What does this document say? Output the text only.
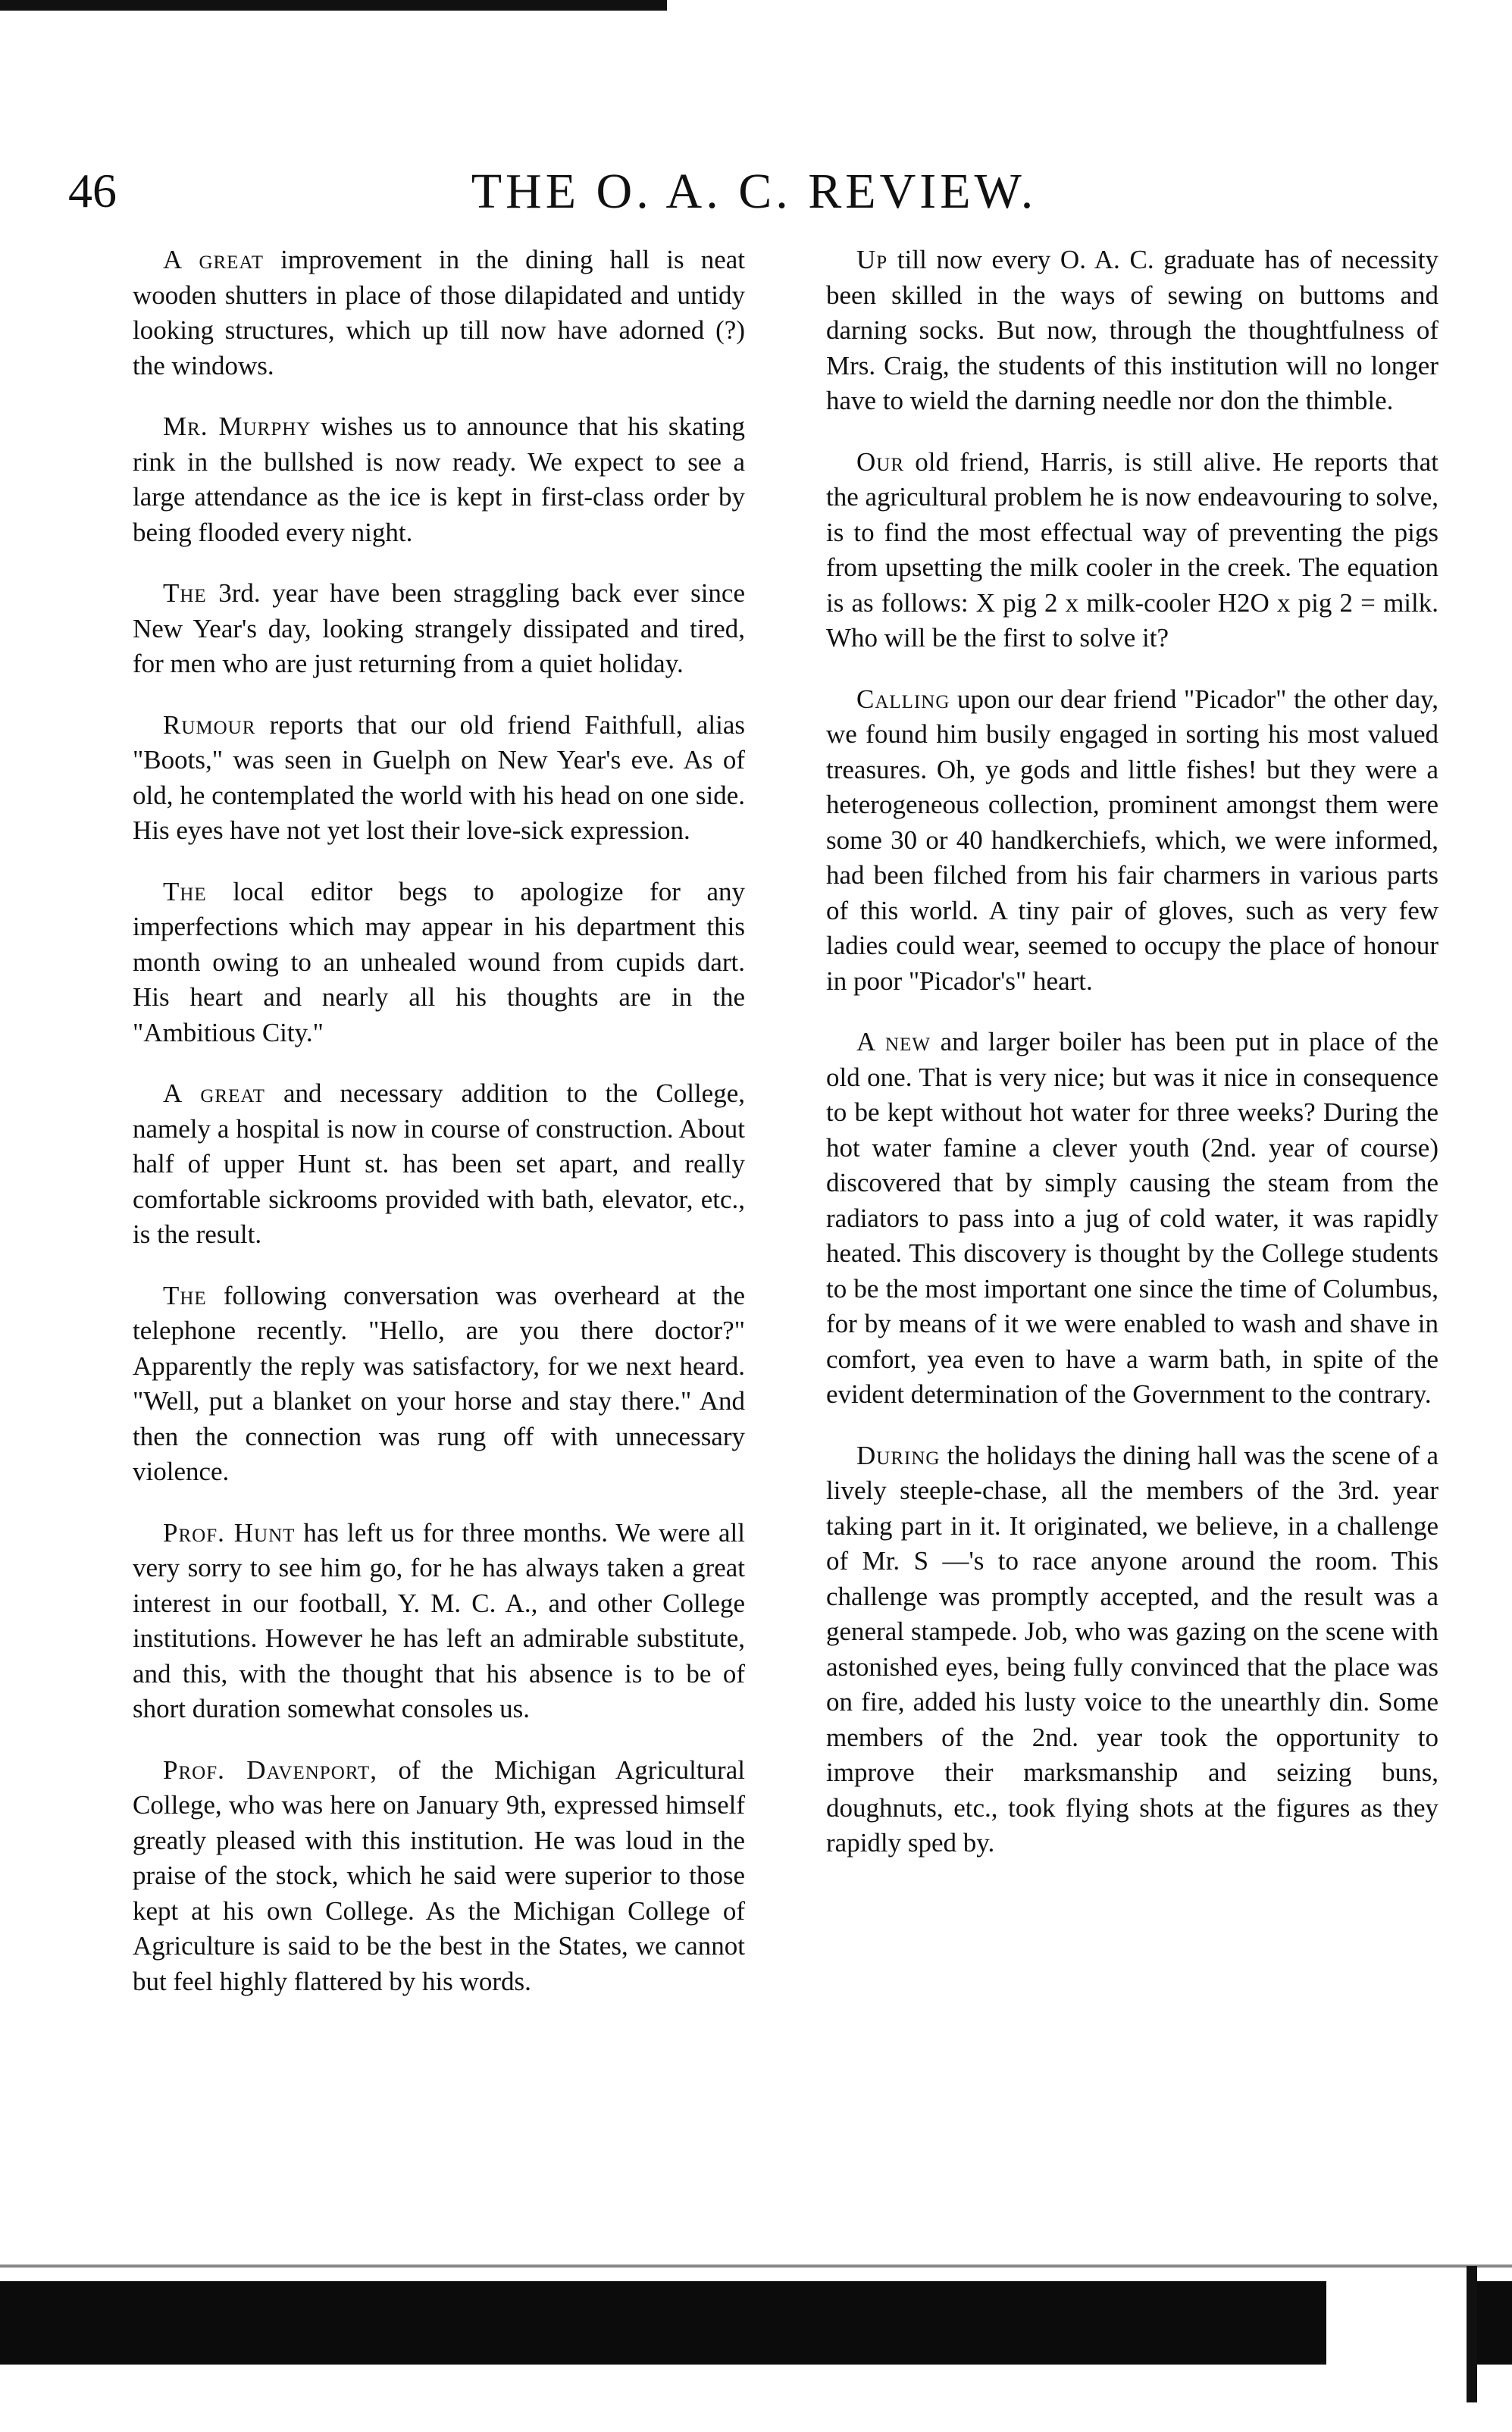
46	THE O. A. C. REVIEW.

A great improvement in the dining hall is neat wooden shutters in place of those dilapidated and untidy looking structures, which up till now have adorned (?) the windows.

Mr. Murphy wishes us to announce that his skating rink in the bullshed is now ready. We expect to see a large attendance as the ice is kept in first-class order by being flooded every night.

The 3rd. year have been straggling back ever since New Year's day, looking strangely dissipated and tired, for men who are just returning from a quiet holiday.

Rumour reports that our old friend Faithfull, alias "Boots," was seen in Guelph on New Year's eve. As of old, he contemplated the world with his head on one side. His eyes have not yet lost their love-sick expression.

The local editor begs to apologize for any imperfections which may appear in his department this month owing to an unhealed wound from cupids dart. His heart and nearly all his thoughts are in the "Ambitious City."

A great and necessary addition to the College, namely a hospital is now in course of construction. About half of upper Hunt st. has been set apart, and really comfortable sickrooms provided with bath, elevator, etc., is the result.

The following conversation was overheard at the telephone recently. "Hello, are you there doctor?" Apparently the reply was satisfactory, for we next heard. "Well, put a blanket on your horse and stay there." And then the connection was rung off with unnecessary violence.

Prof. Hunt has left us for three months. We were all very sorry to see him go, for he has always taken a great interest in our football, Y. M. C. A., and other College institutions. However he has left an admirable substitute, and this, with the thought that his absence is to be of short duration somewhat consoles us.

Prof. Davenport, of the Michigan Agricultural College, who was here on January 9th, expressed himself greatly pleased with this institution. He was loud in the praise of the stock, which he said were superior to those kept at his own College. As the Michigan College of Agriculture is said to be the best in the States, we cannot but feel highly flattered by his words.

Up till now every O. A. C. graduate has of necessity been skilled in the ways of sewing on buttoms and darning socks. But now, through the thoughtfulness of Mrs. Craig, the students of this institution will no longer have to wield the darning needle nor don the thimble.

Our old friend, Harris, is still alive. He reports that the agricultural problem he is now endeavouring to solve, is to find the most effectual way of preventing the pigs from upsetting the milk cooler in the creek. The equation is as follows: X pig 2 x milk-cooler H2O x pig 2 = milk. Who will be the first to solve it?

Calling upon our dear friend "Picador" the other day, we found him busily engaged in sorting his most valued treasures. Oh, ye gods and little fishes! but they were a heterogeneous collection, prominent amongst them were some 30 or 40 handkerchiefs, which, we were informed, had been filched from his fair charmers in various parts of this world. A tiny pair of gloves, such as very few ladies could wear, seemed to occupy the place of honour in poor "Picador's" heart.

A new and larger boiler has been put in place of the old one. That is very nice; but was it nice in consequence to be kept without hot water for three weeks? During the hot water famine a clever youth (2nd. year of course) discovered that by simply causing the steam from the radiators to pass into a jug of cold water, it was rapidly heated. This discovery is thought by the College students to be the most important one since the time of Columbus, for by means of it we were enabled to wash and shave in comfort, yea even to have a warm bath, in spite of the evident determination of the Government to the contrary.

During the holidays the dining hall was the scene of a lively steeple-chase, all the members of the 3rd. year taking part in it. It originated, we believe, in a challenge of Mr. S —'s to race anyone around the room. This challenge was promptly accepted, and the result was a general stampede. Job, who was gazing on the scene with astonished eyes, being fully convinced that the place was on fire, added his lusty voice to the unearthly din. Some members of the 2nd. year took the opportunity to improve their marksmanship and seizing buns, doughnuts, etc., took flying shots at the figures as they rapidly sped by.
